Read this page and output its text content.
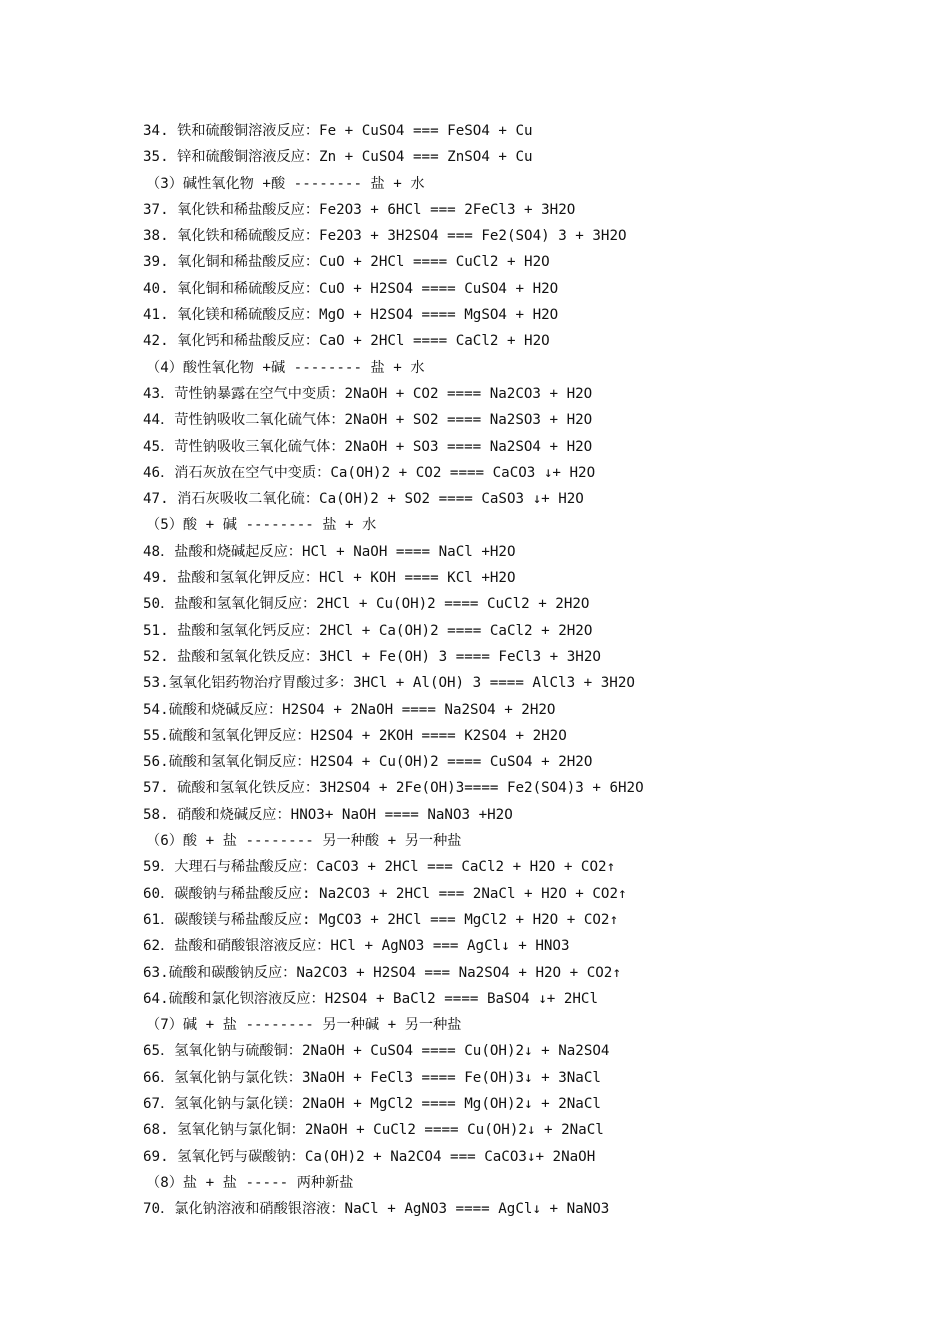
34. 铁和硫酸铜溶液反应：Fe + CuSO4 === FeSO4 + Cu
35. 锌和硫酸铜溶液反应：Zn + CuSO4 === ZnSO4 + Cu
（3）碱性氧化物 +酸 -------- 盐 + 水
37. 氧化铁和稀盐酸反应：Fe2O3 + 6HCl === 2FeCl3 + 3H2O
38. 氧化铁和稀硫酸反应：Fe2O3 + 3H2SO4 === Fe2(SO4) 3 + 3H2O
39. 氧化铜和稀盐酸反应：CuO + 2HCl ==== CuCl2 + H2O
40. 氧化铜和稀硫酸反应：CuO + H2SO4 ==== CuSO4 + H2O
41. 氧化镁和稀硫酸反应：MgO + H2SO4 ==== MgSO4 + H2O
42. 氧化钙和稀盐酸反应：CaO + 2HCl ==== CaCl2 + H2O
（4）酸性氧化物 +碱 -------- 盐 + 水
43．苛性钠暴露在空气中变质：2NaOH + CO2 ==== Na2CO3 + H2O
44．苛性钠吸收二氧化硫气体：2NaOH + SO2 ==== Na2SO3 + H2O
45．苛性钠吸收三氧化硫气体：2NaOH + SO3 ==== Na2SO4 + H2O
46．消石灰放在空气中变质：Ca(OH)2 + CO2 ==== CaCO3 ↓+ H2O
47. 消石灰吸收二氧化硫：Ca(OH)2 + SO2 ==== CaSO3 ↓+ H2O
（5）酸 + 碱 -------- 盐 + 水
48．盐酸和烧碱起反应：HCl + NaOH ==== NaCl +H2O
49. 盐酸和氢氧化钾反应：HCl + KOH ==== KCl +H2O
50．盐酸和氢氧化铜反应：2HCl + Cu(OH)2 ==== CuCl2 + 2H2O
51. 盐酸和氢氧化钙反应：2HCl + Ca(OH)2 ==== CaCl2 + 2H2O
52. 盐酸和氢氧化铁反应：3HCl + Fe(OH) 3 ==== FeCl3 + 3H2O
53.氢氧化铝药物治疗胃酸过多：3HCl + Al(OH) 3 ==== AlCl3 + 3H2O
54.硫酸和烧碱反应：H2SO4 + 2NaOH ==== Na2SO4 + 2H2O
55.硫酸和氢氧化钾反应：H2SO4 + 2KOH ==== K2SO4 + 2H2O
56.硫酸和氢氧化铜反应：H2SO4 + Cu(OH)2 ==== CuSO4 + 2H2O
57. 硫酸和氢氧化铁反应：3H2SO4 + 2Fe(OH)3==== Fe2(SO4)3 + 6H2O
58. 硝酸和烧碱反应：HNO3+ NaOH ==== NaNO3 +H2O
（6）酸 + 盐 -------- 另一种酸 + 另一种盐
59．大理石与稀盐酸反应：CaCO3 + 2HCl === CaCl2 + H2O + CO2↑
60．碳酸钠与稀盐酸反应: Na2CO3 + 2HCl === 2NaCl + H2O + CO2↑
61．碳酸镁与稀盐酸反应: MgCO3 + 2HCl === MgCl2 + H2O + CO2↑
62．盐酸和硝酸银溶液反应：HCl + AgNO3 === AgCl↓ + HNO3
63.硫酸和碳酸钠反应：Na2CO3 + H2SO4 === Na2SO4 + H2O + CO2↑
64.硫酸和氯化钡溶液反应：H2SO4 + BaCl2 ==== BaSO4 ↓+ 2HCl
（7）碱 + 盐 -------- 另一种碱 + 另一种盐
65．氢氧化钠与硫酸铜：2NaOH + CuSO4 ==== Cu(OH)2↓ + Na2SO4
66．氢氧化钠与氯化铁：3NaOH + FeCl3 ==== Fe(OH)3↓ + 3NaCl
67．氢氧化钠与氯化镁：2NaOH + MgCl2 ==== Mg(OH)2↓ + 2NaCl
68. 氢氧化钠与氯化铜：2NaOH + CuCl2 ==== Cu(OH)2↓ + 2NaCl
69. 氢氧化钙与碳酸钠：Ca(OH)2 + Na2CO4 === CaCO3↓+ 2NaOH
（8）盐 + 盐 ----- 两种新盐
70．氯化钠溶液和硝酸银溶液：NaCl + AgNO3 ==== AgCl↓ + NaNO3
